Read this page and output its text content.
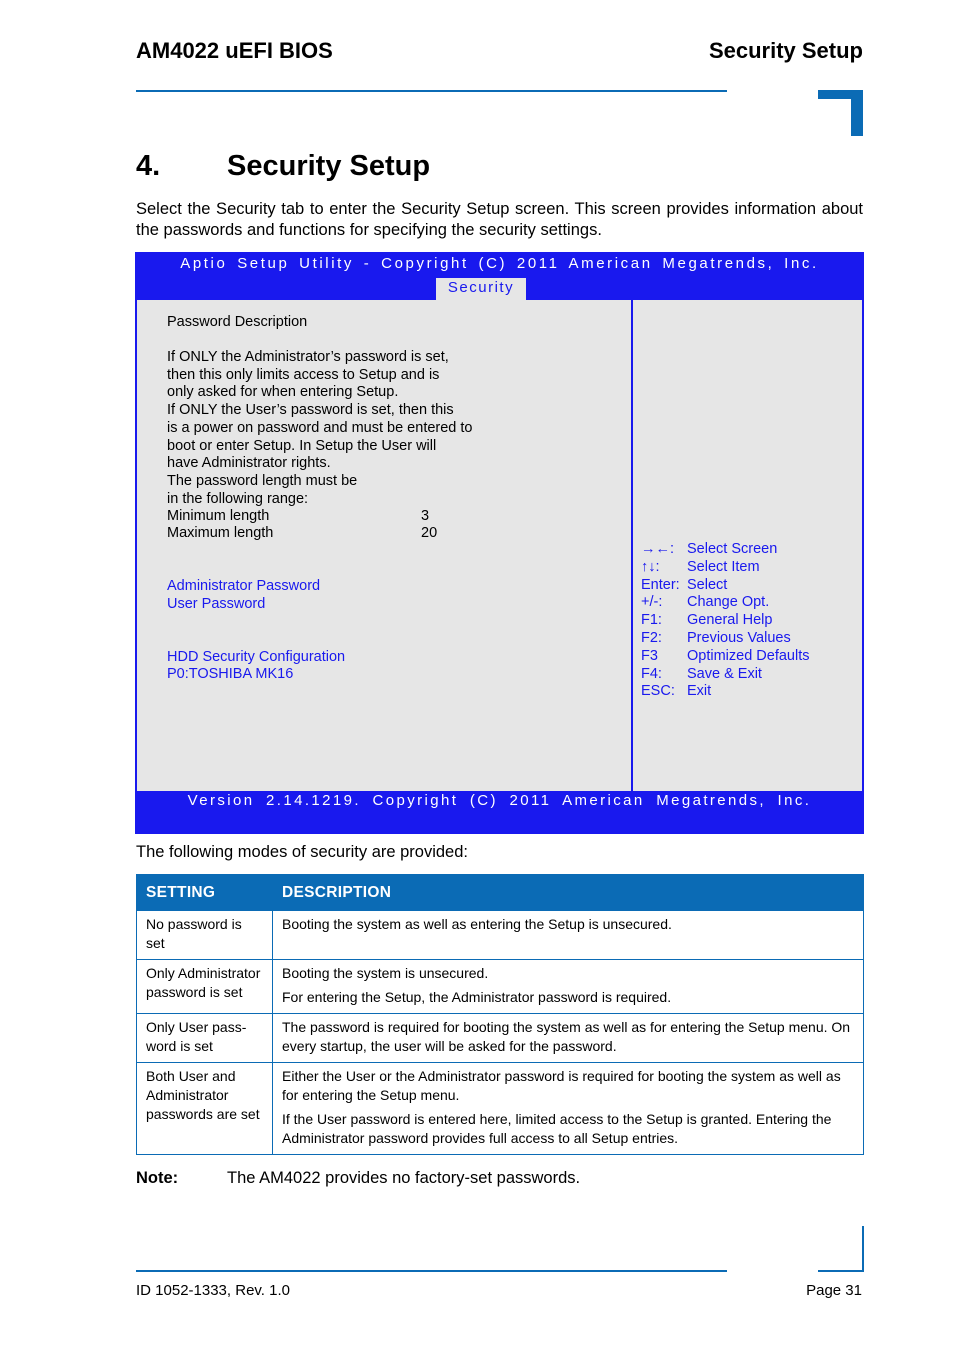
AM4022 uEFI BIOS	Security Setup
4. Security Setup
Select the Security tab to enter the Security Setup screen. This screen provides information about the passwords and functions for specifying the security settings.
Aptio Setup Utility - Copyright (C) 2011 American Megatrends, Inc.
Security
Password Description
If ONLY the Administrator’s password is set,
then this only limits access to Setup and is
only asked for when entering Setup.
If ONLY the User’s password is set, then this
is a power on password and must be entered to
boot or enter Setup. In Setup the User will
have Administrator rights.
The password length must be
in the following range:
Minimum length	3
Maximum length	20
Administrator Password
User Password
HDD Security Configuration
P0:TOSHIBA MK16
→←: Select Screen
↑↓: Select Item
Enter: Select
+/-: Change Opt.
F1: General Help
F2: Previous Values
F3 Optimized Defaults
F4: Save & Exit
ESC: Exit
Version 2.14.1219. Copyright (C) 2011 American Megatrends, Inc.
The following modes of security are provided:
SETTING	DESCRIPTION
No password is set	Booting the system as well as entering the Setup is unsecured.

Only Administrator password is set	Booting the system is unsecured.

For entering the Setup, the Administrator password is required.

Only User pass-word is set	The password is required for booting the system as well as for entering the Setup menu. On every startup, the user will be asked for the password.

Both User and Administrator passwords are set	Either the User or the Administrator password is required for booting the system as well as for entering the Setup menu.

If the User password is entered here, limited access to the Setup is granted. Entering the Administrator password provides full access to all Setup entries.

Note:	The AM4022 provides no factory-set passwords.
ID 1052-1333, Rev. 1.0	Page 31
